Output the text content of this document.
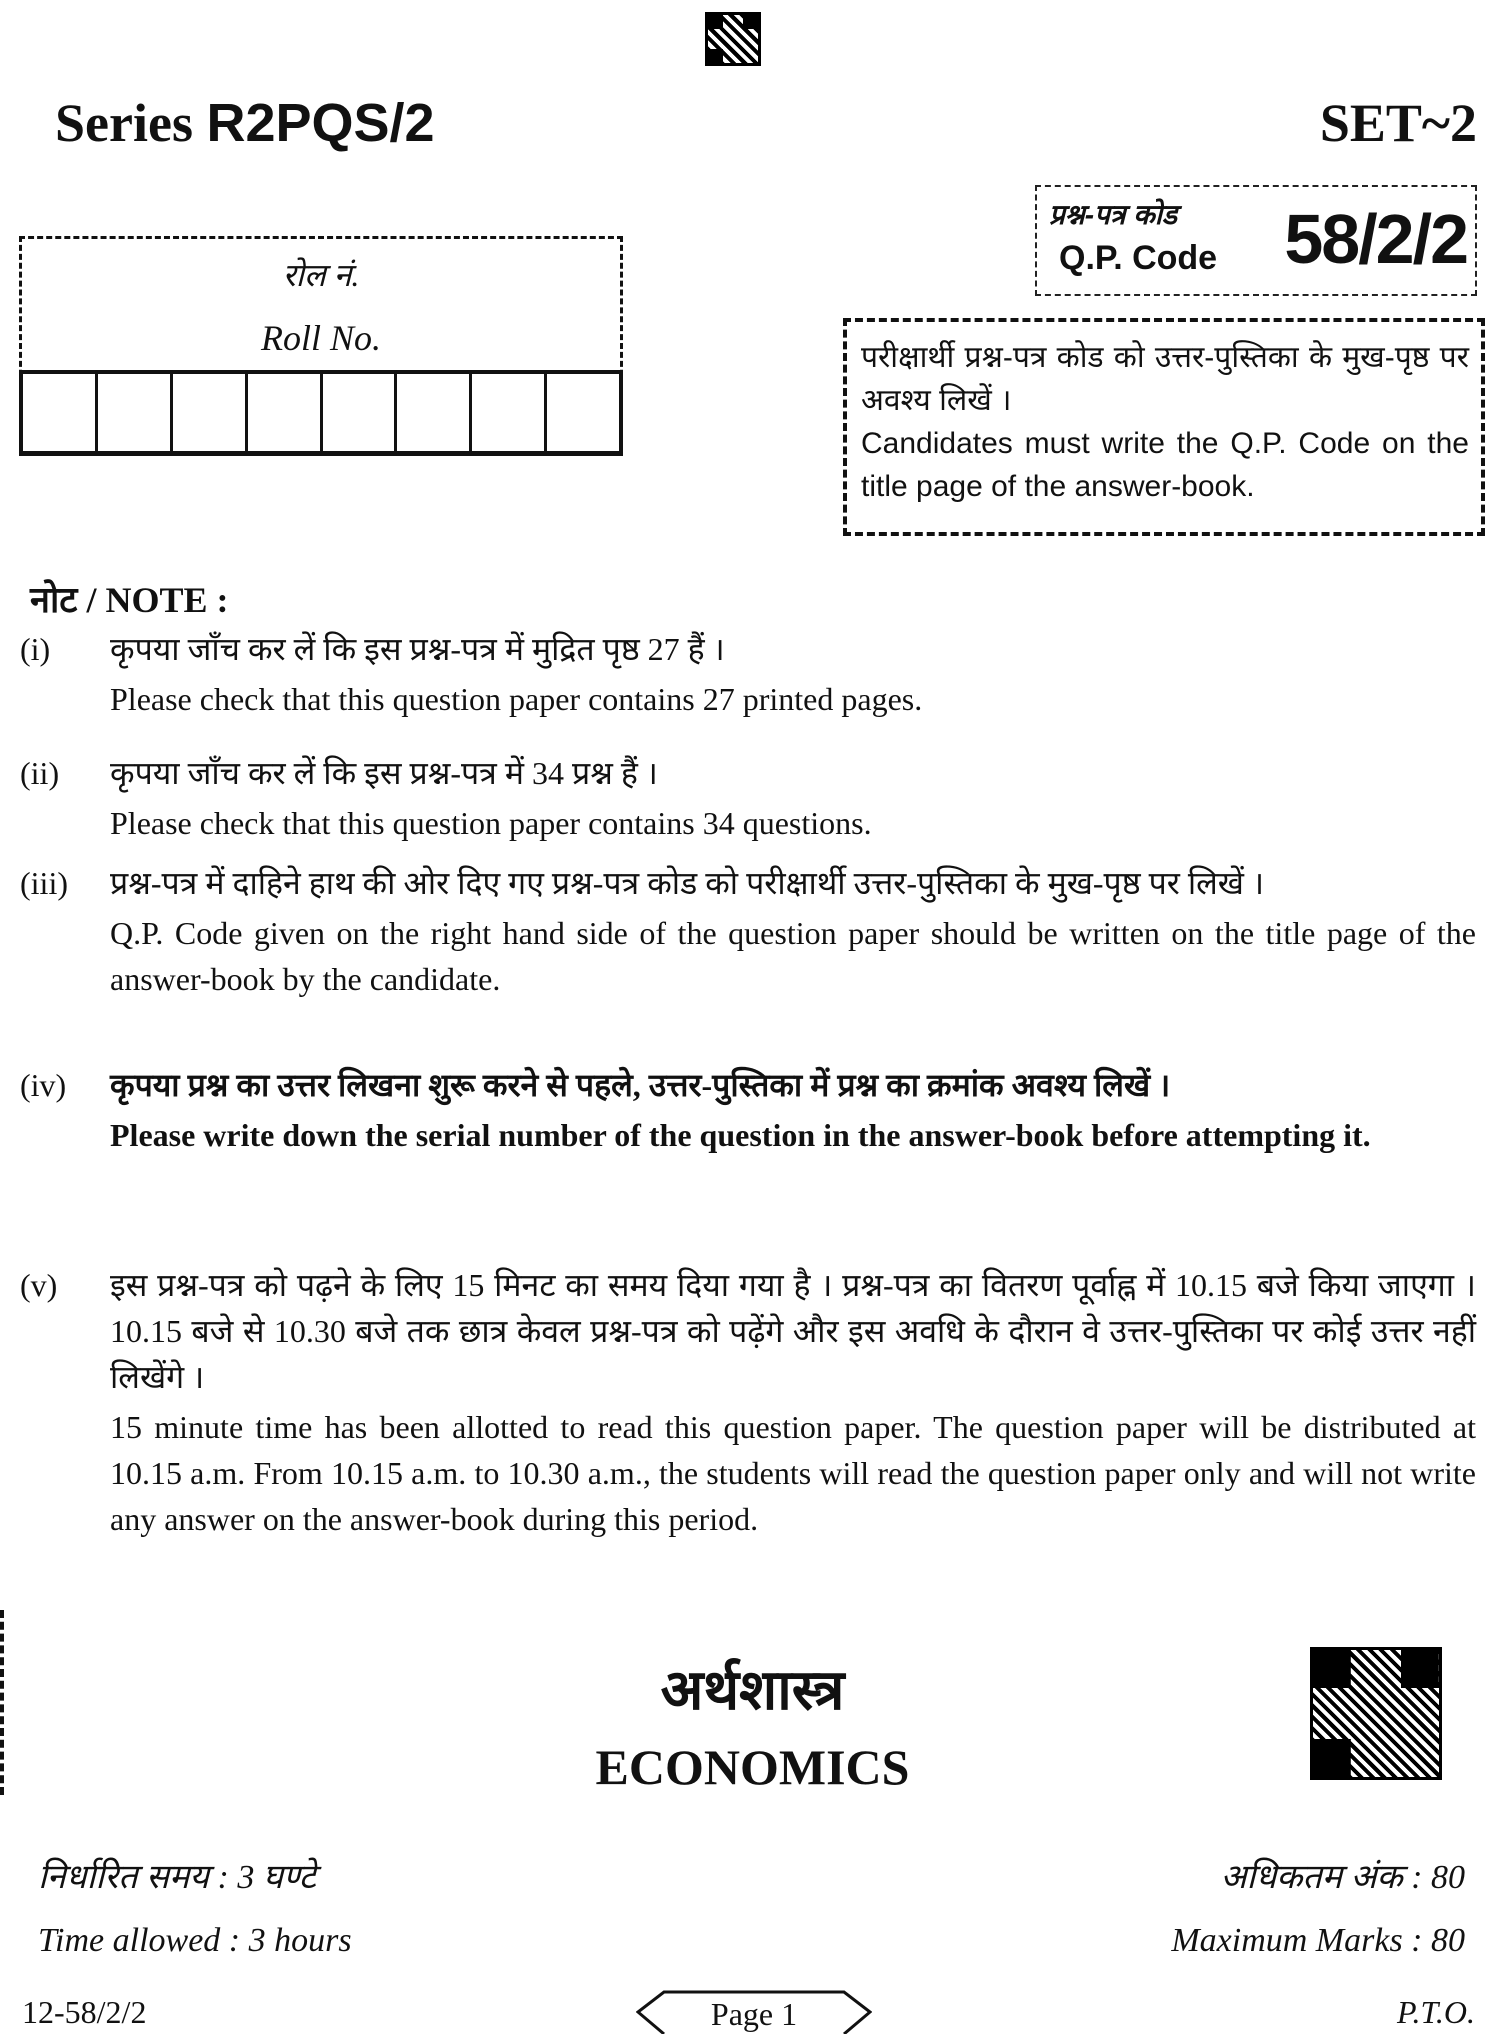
Series R2PQS/2	SET~2
रोल नं.
Roll No.
प्रश्न-पत्र कोड
Q.P. Code 58/2/2

परीक्षार्थी प्रश्न-पत्र कोड को उत्तर-पुस्तिका के मुख-पृष्ठ पर अवश्य लिखें ।

Candidates must write the Q.P. Code on the title page of the answer-book.

नोट / NOTE :
(i) कृपया जाँच कर लें कि इस प्रश्न-पत्र में मुद्रित पृष्ठ 27 हैं ।

Please check that this question paper contains 27 printed pages.

(ii) कृपया जाँच कर लें कि इस प्रश्न-पत्र में 34 प्रश्न हैं ।

Please check that this question paper contains 34 questions.

(iii) प्रश्न-पत्र में दाहिने हाथ की ओर दिए गए प्रश्न-पत्र कोड को परीक्षार्थी उत्तर-पुस्तिका के मुख-पृष्ठ पर लिखें ।

Q.P. Code given on the right hand side of the question paper should be written on the title page of the answer-book by the candidate.

(iv) कृपया प्रश्न का उत्तर लिखना शुरू करने से पहले, उत्तर-पुस्तिका में प्रश्न का क्रमांक अवश्य लिखें ।

Please write down the serial number of the question in the answer-book before attempting it.

(v) इस प्रश्न-पत्र को पढ़ने के लिए 15 मिनट का समय दिया गया है । प्रश्न-पत्र का वितरण पूर्वाह्न में 10.15 बजे किया जाएगा । 10.15 बजे से 10.30 बजे तक छात्र केवल प्रश्न-पत्र को पढ़ेंगे और इस अवधि के दौरान वे उत्तर-पुस्तिका पर कोई उत्तर नहीं लिखेंगे ।

15 minute time has been allotted to read this question paper. The question paper will be distributed at 10.15 a.m. From 10.15 a.m. to 10.30 a.m., the students will read the question paper only and will not write any answer on the answer-book during this period.

अर्थशास्त्र
ECONOMICS
निर्धारित समय : 3 घण्टे
Time allowed : 3 hours
अधिकतम अंक : 80
Maximum Marks : 80
12-58/2/2	Page 1	P.T.O.
